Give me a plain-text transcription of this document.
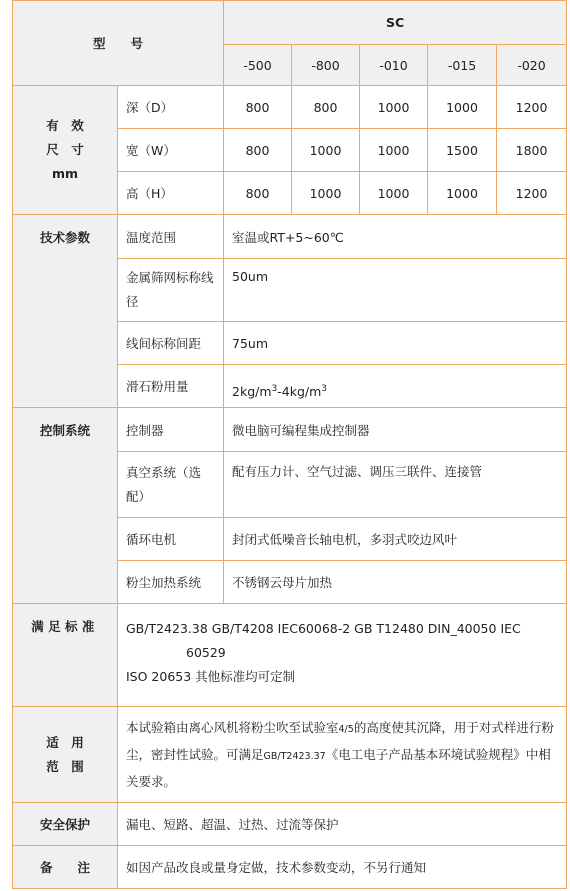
型　　号		SC				
		-500	-800	-010	-015	-020

有　效
尺　寸
mm	深（D）	800	800	1000	1000	1200
	宽（W）	800	1000	1000	1500	1800
	高（H）	800	1000	1000	1000	1200
技术参数	温度范围	室温或RT+5~60℃				
	金属筛网标称线径	50um				
	线间标称间距	75um				
	滑石粉用量	$2kg/m^3-4kg/m^3$
控制系统	控制器	微电脑可编程集成控制器				
	真空系统（选配）	配有压力计、空气过滤、调压三联件、连接管				
	循环电机	封闭式低噪音长轴电机，多羽式咬边风叶				
	粉尘加热系统	不锈钢云母片加热				
满足标准	GB/T2423.38 GB/T4208 IEC60068-2 GB T12480 DIN_40050 IEC
60529
ISO 20653 其他标准均可定制					

适　用
范　围	本试验箱由离心风机将粉尘吹至试验室4/5的高度使其沉降，用于对式样进行粉尘，密封性试验。可满足GB/T2423.37《电工电子产品基本环境试验规程》中相关要求。					
安全保护	漏电、短路、超温、过热、过流等保护					
备　　注	如因产品改良或量身定做，技术参数变动，不另行通知					
